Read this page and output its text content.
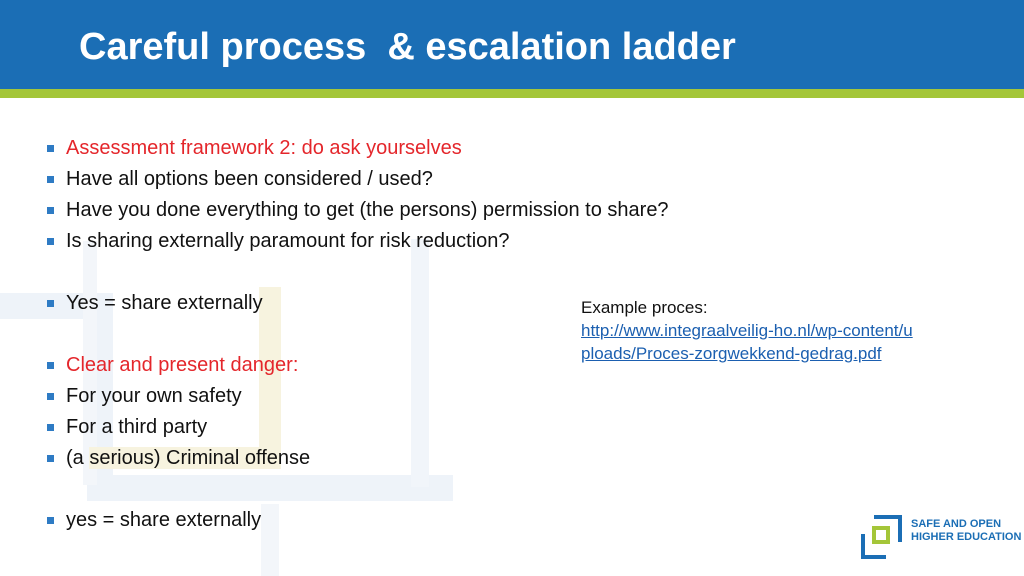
Careful process  & escalation ladder
Assessment framework 2: do ask yourselves
Have all options been considered / used?
Have you done everything to get (the persons) permission to share?
Is sharing externally paramount for risk reduction?
Yes = share externally
Clear and present danger:
For your own safety
For a third party
(a serious) Criminal offense
yes = share externally
Example proces:
http://www.integraalveilig-ho.nl/wp-content/uploads/Proces-zorgwekkend-gedrag.pdf
SAFE AND OPEN
HIGHER EDUCATION
